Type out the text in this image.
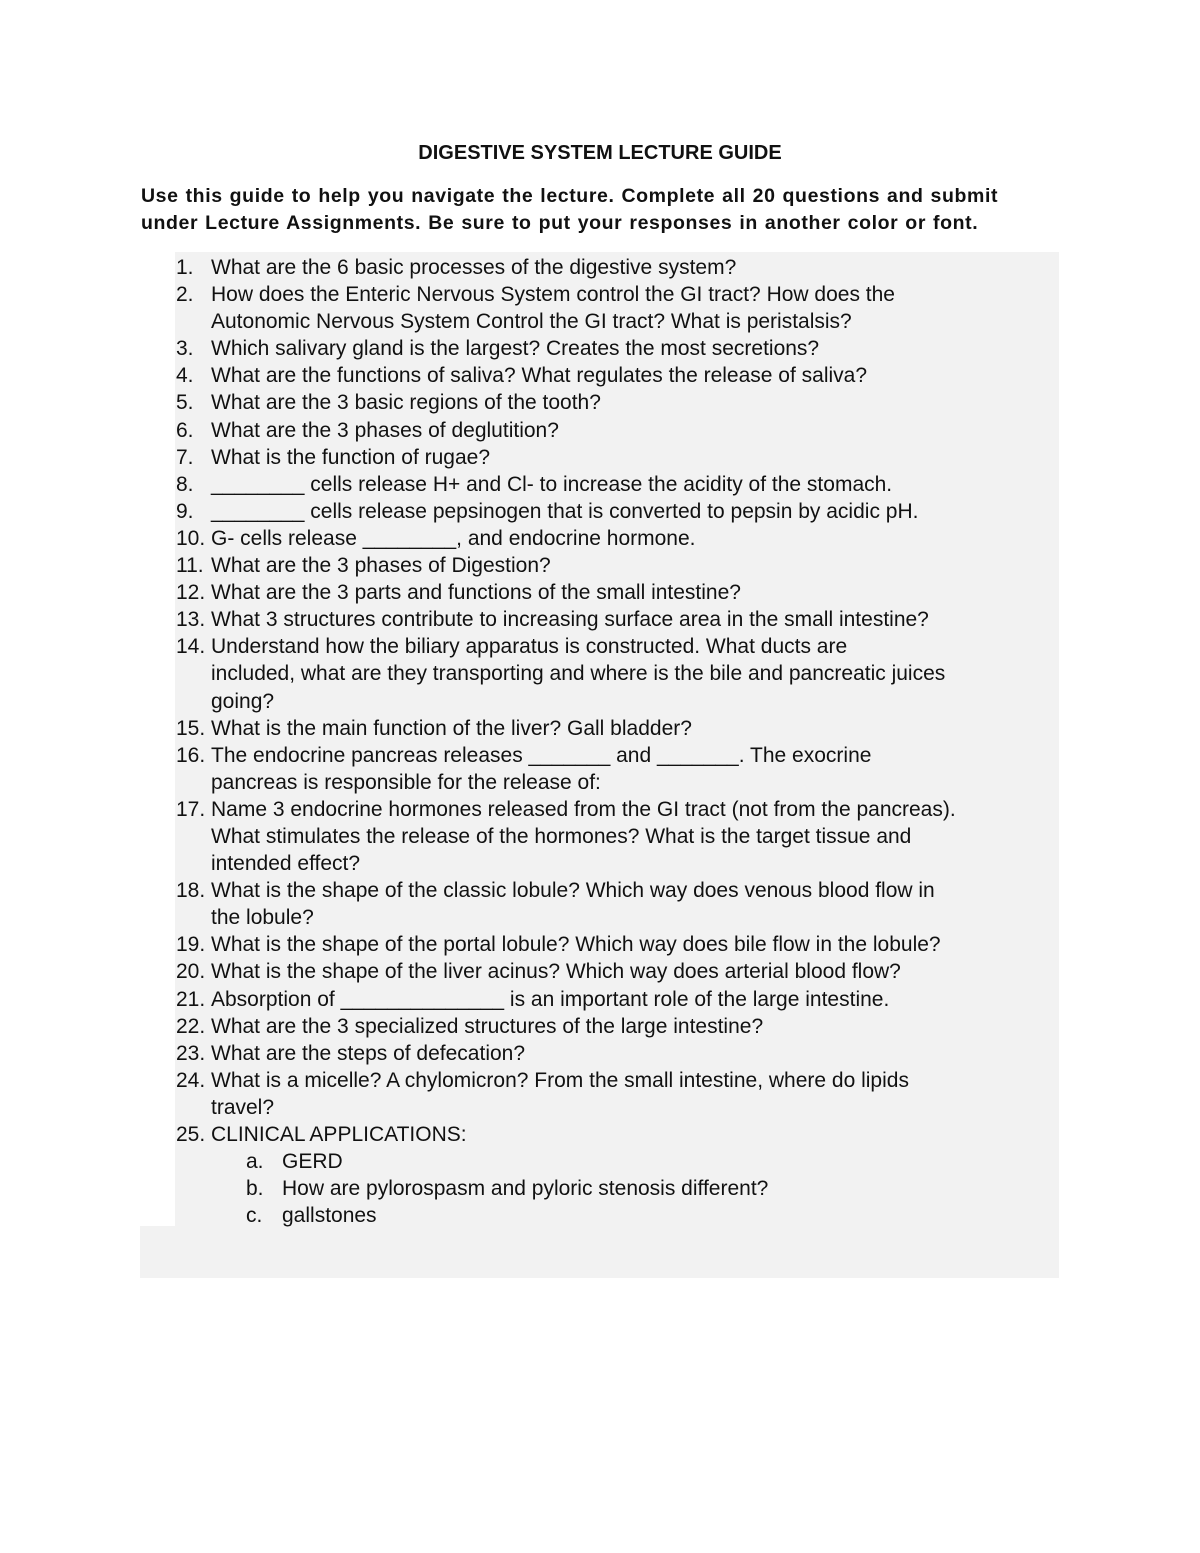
DIGESTIVE SYSTEM LECTURE GUIDE
Use this guide to help you navigate the lecture. Complete all 20 questions and submit under Lecture Assignments. Be sure to put your responses in another color or font.
1. What are the 6 basic processes of the digestive system?
2. How does the Enteric Nervous System control the GI tract? How does the
Autonomic Nervous System Control the GI tract? What is peristalsis?
3. Which salivary gland is the largest? Creates the most secretions?
4. What are the functions of saliva? What regulates the release of saliva?
5. What are the 3 basic regions of the tooth?
6. What are the 3 phases of deglutition?
7. What is the function of rugae?
8. ________ cells release H+ and Cl- to increase the acidity of the stomach.
9. ________ cells release pepsinogen that is converted to pepsin by acidic pH.
10. G- cells release ________, and endocrine hormone.
11. What are the 3 phases of Digestion?
12. What are the 3 parts and functions of the small intestine?
13. What 3 structures contribute to increasing surface area in the small intestine?
14. Understand how the biliary apparatus is constructed. What ducts are
included, what are they transporting and where is the bile and pancreatic juices
going?
15. What is the main function of the liver? Gall bladder?
16. The endocrine pancreas releases _______ and _______. The exocrine
pancreas is responsible for the release of:
17. Name 3 endocrine hormones released from the GI tract (not from the pancreas).
What stimulates the release of the hormones? What is the target tissue and
intended effect?
18. What is the shape of the classic lobule? Which way does venous blood flow in
the lobule?
19. What is the shape of the portal lobule? Which way does bile flow in the lobule?
20. What is the shape of the liver acinus? Which way does arterial blood flow?
21. Absorption of ______________ is an important role of the large intestine.
22. What are the 3 specialized structures of the large intestine?
23. What are the steps of defecation?
24. What is a micelle? A chylomicron? From the small intestine, where do lipids
travel?
25. CLINICAL APPLICATIONS:
a. GERD
b. How are pylorospasm and pyloric stenosis different?
c. gallstones
